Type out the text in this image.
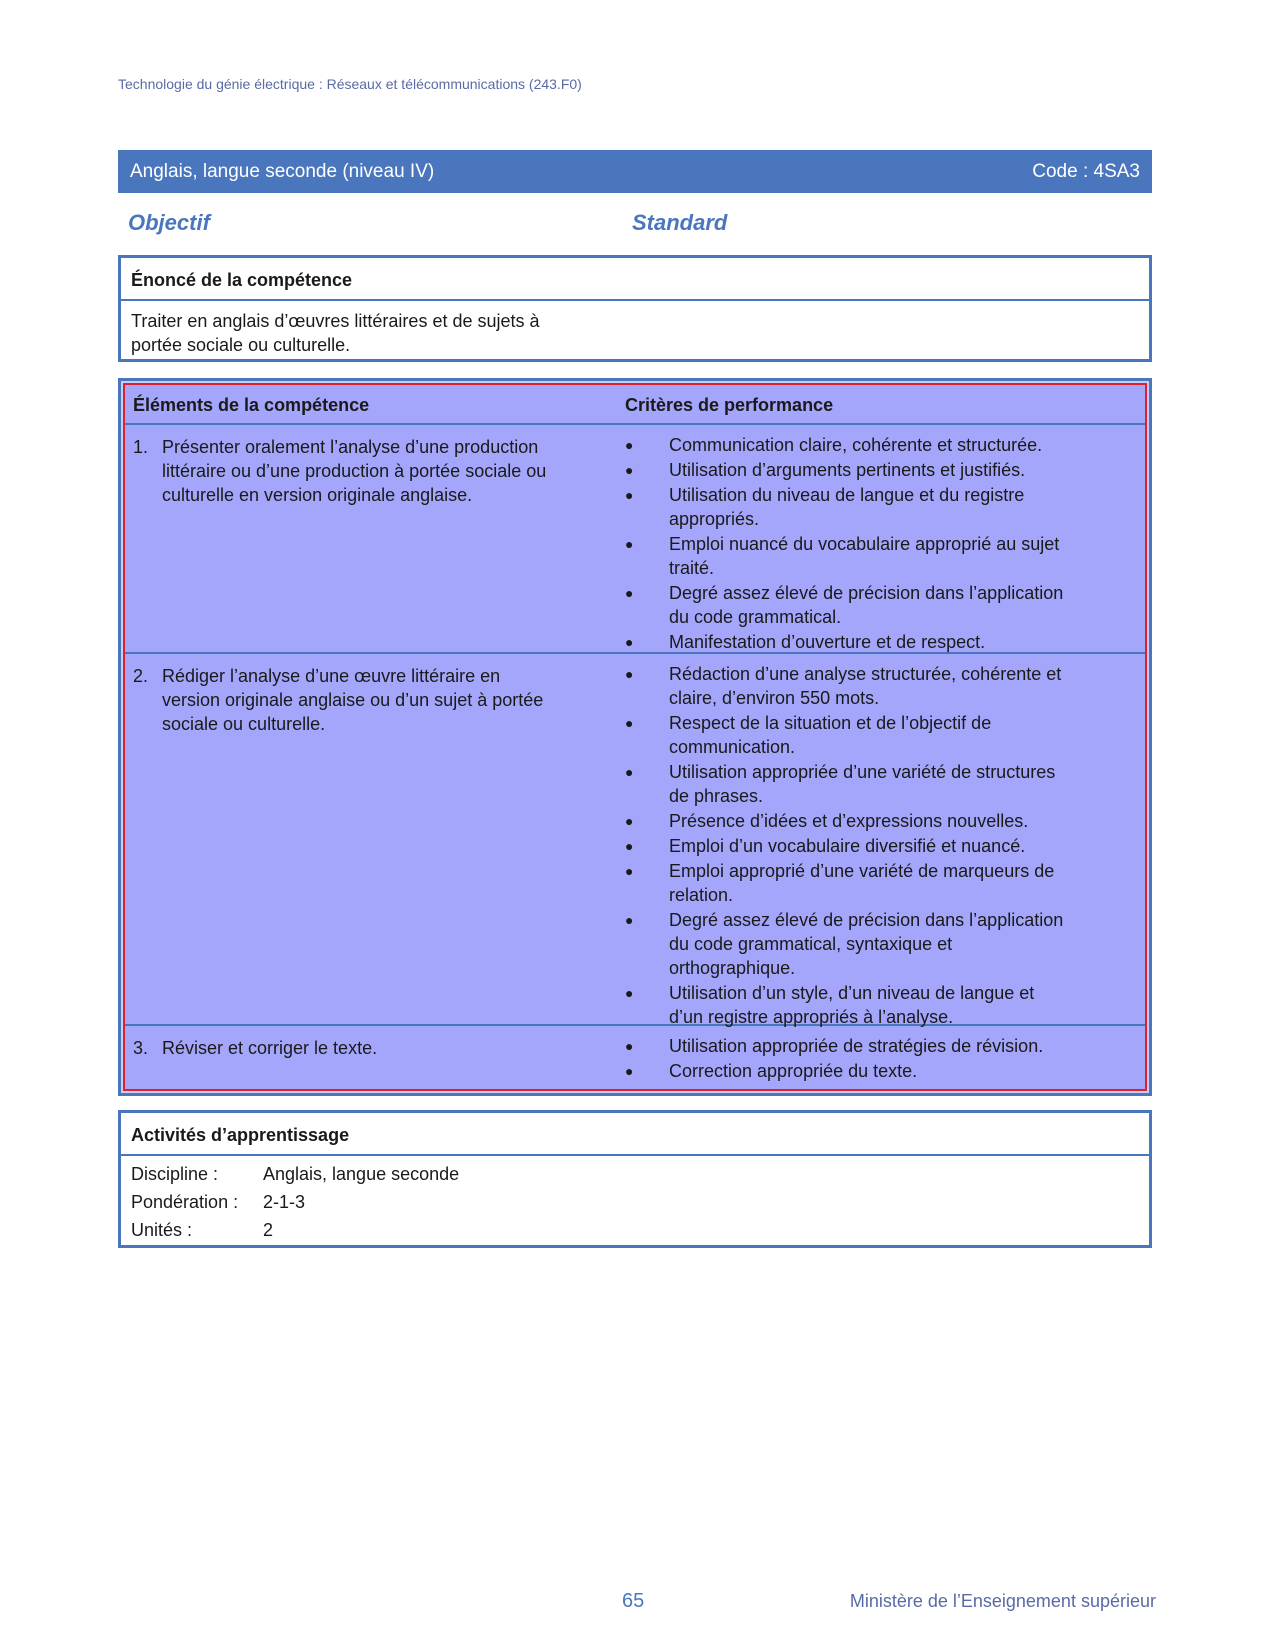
Technologie du génie électrique : Réseaux et télécommunications (243.F0)
Anglais, langue seconde (niveau IV)	Code : 4SA3
Objectif	Standard
Énoncé de la compétence
Traiter en anglais d’œuvres littéraires et de sujets à
portée sociale ou culturelle.
Éléments de la compétence	Critères de performance
1. Présenter oralement l’analyse d’une production
littéraire ou d’une production à portée sociale ou
culturelle en version originale anglaise.
● Communication claire, cohérente et structurée.
● Utilisation d’arguments pertinents et justifiés.
● Utilisation du niveau de langue et du registre
appropriés.
● Emploi nuancé du vocabulaire approprié au sujet
traité.
● Degré assez élevé de précision dans l’application
du code grammatical.
● Manifestation d’ouverture et de respect.
2. Rédiger l’analyse d’une œuvre littéraire en
version originale anglaise ou d’un sujet à portée
sociale ou culturelle.
● Rédaction d’une analyse structurée, cohérente et
claire, d’environ 550 mots.
● Respect de la situation et de l’objectif de
communication.
● Utilisation appropriée d’une variété de structures
de phrases.
● Présence d’idées et d’expressions nouvelles.
● Emploi d’un vocabulaire diversifié et nuancé.
● Emploi approprié d’une variété de marqueurs de
relation.
● Degré assez élevé de précision dans l’application
du code grammatical, syntaxique et
orthographique.
● Utilisation d’un style, d’un niveau de langue et
d’un registre appropriés à l’analyse.
3. Réviser et corriger le texte.	● Utilisation appropriée de stratégies de révision.
● Correction appropriée du texte.
Activités d’apprentissage
Discipline : Anglais, langue seconde
Pondération : 2-1-3
Unités :	2
65	Ministère de l’Enseignement supérieur
